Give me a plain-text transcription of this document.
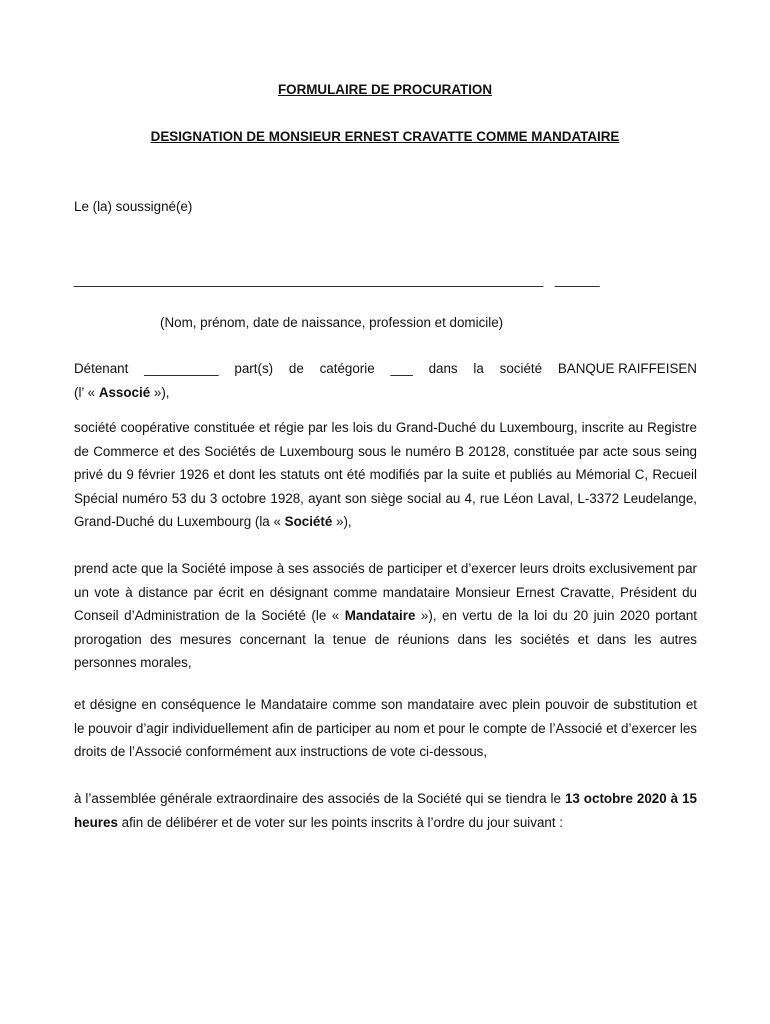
FORMULAIRE DE PROCURATION
DESIGNATION DE MONSIEUR ERNEST CRAVATTE COMME MANDATAIRE
Le (la) soussigné(e)
_______________________________________________________________ ______
(Nom, prénom, date de naissance, profession et domicile)
Détenant __________ part(s) de catégorie ___ dans la société BANQUE RAIFFEISEN
(l’ « Associé »),
société coopérative constituée et régie par les lois du Grand-Duché du Luxembourg, inscrite au Registre de Commerce et des Sociétés de Luxembourg sous le numéro B 20128, constituée par acte sous seing privé du 9 février 1926 et dont les statuts ont été modifiés par la suite et publiés au Mémorial C, Recueil Spécial numéro 53 du 3 octobre 1928, ayant son siège social au 4, rue Léon Laval, L-3372 Leudelange, Grand-Duché du Luxembourg (la « Société »),
prend acte que la Société impose à ses associés de participer et d’exercer leurs droits exclusivement par un vote à distance par écrit en désignant comme mandataire Monsieur Ernest Cravatte, Président du Conseil d’Administration de la Société (le « Mandataire »), en vertu de la loi du 20 juin 2020 portant prorogation des mesures concernant la tenue de réunions dans les sociétés et dans les autres personnes morales,
et désigne en conséquence le Mandataire comme son mandataire avec plein pouvoir de substitution et le pouvoir d’agir individuellement afin de participer au nom et pour le compte de l’Associé et d’exercer les droits de l’Associé conformément aux instructions de vote ci-dessous,
à l’assemblée générale extraordinaire des associés de la Société qui se tiendra le 13 octobre 2020 à 15 heures afin de délibérer et de voter sur les points inscrits à l’ordre du jour suivant :
